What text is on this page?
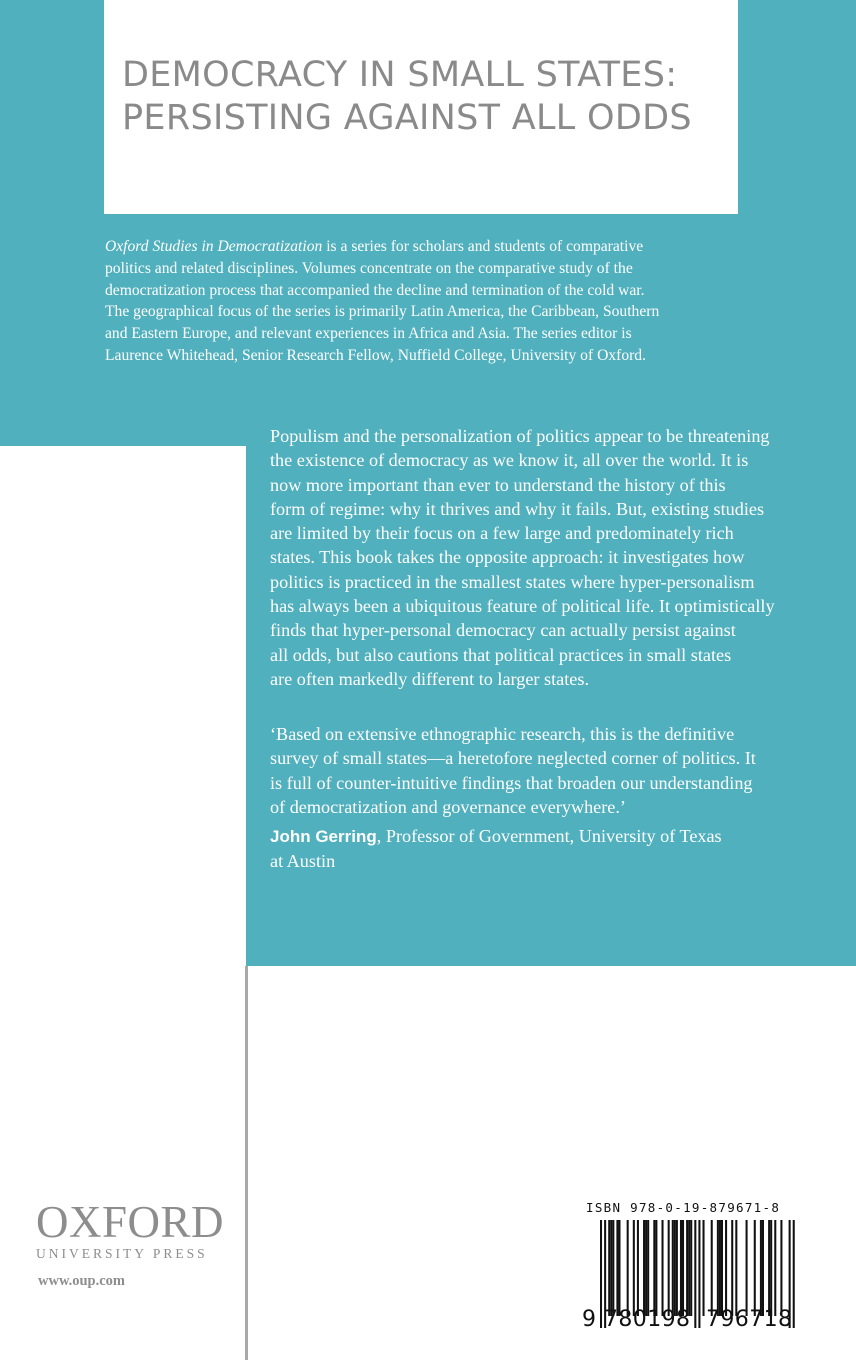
DEMOCRACY IN SMALL STATES:
PERSISTING AGAINST ALL ODDS

Oxford Studies in Democratization is a series for scholars and students of comparative
politics and related disciplines. Volumes concentrate on the comparative study of the
democratization process that accompanied the decline and termination of the cold war.
The geographical focus of the series is primarily Latin America, the Caribbean, Southern
and Eastern Europe, and relevant experiences in Africa and Asia. The series editor is
Laurence Whitehead, Senior Research Fellow, Nuffield College, University of Oxford.

Populism and the personalization of politics appear to be threatening
the existence of democracy as we know it, all over the world. It is
now more important than ever to understand the history of this
form of regime: why it thrives and why it fails. But, existing studies
are limited by their focus on a few large and predominately rich
states. This book takes the opposite approach: it investigates how
politics is practiced in the smallest states where hyper-personalism
has always been a ubiquitous feature of political life. It optimistically
finds that hyper-personal democracy can actually persist against
all odds, but also cautions that political practices in small states
are often markedly different to larger states.

‘Based on extensive ethnographic research, this is the definitive
survey of small states—a heretofore neglected corner of politics. It
is full of counter-intuitive findings that broaden our understanding
of democratization and governance everywhere.’

John Gerring, Professor of Government, University of Texas
at Austin

OXFORD
UNIVERSITY PRESS
www.oup.com
ISBN 978-0-19-879671-8
9 780198 796718
